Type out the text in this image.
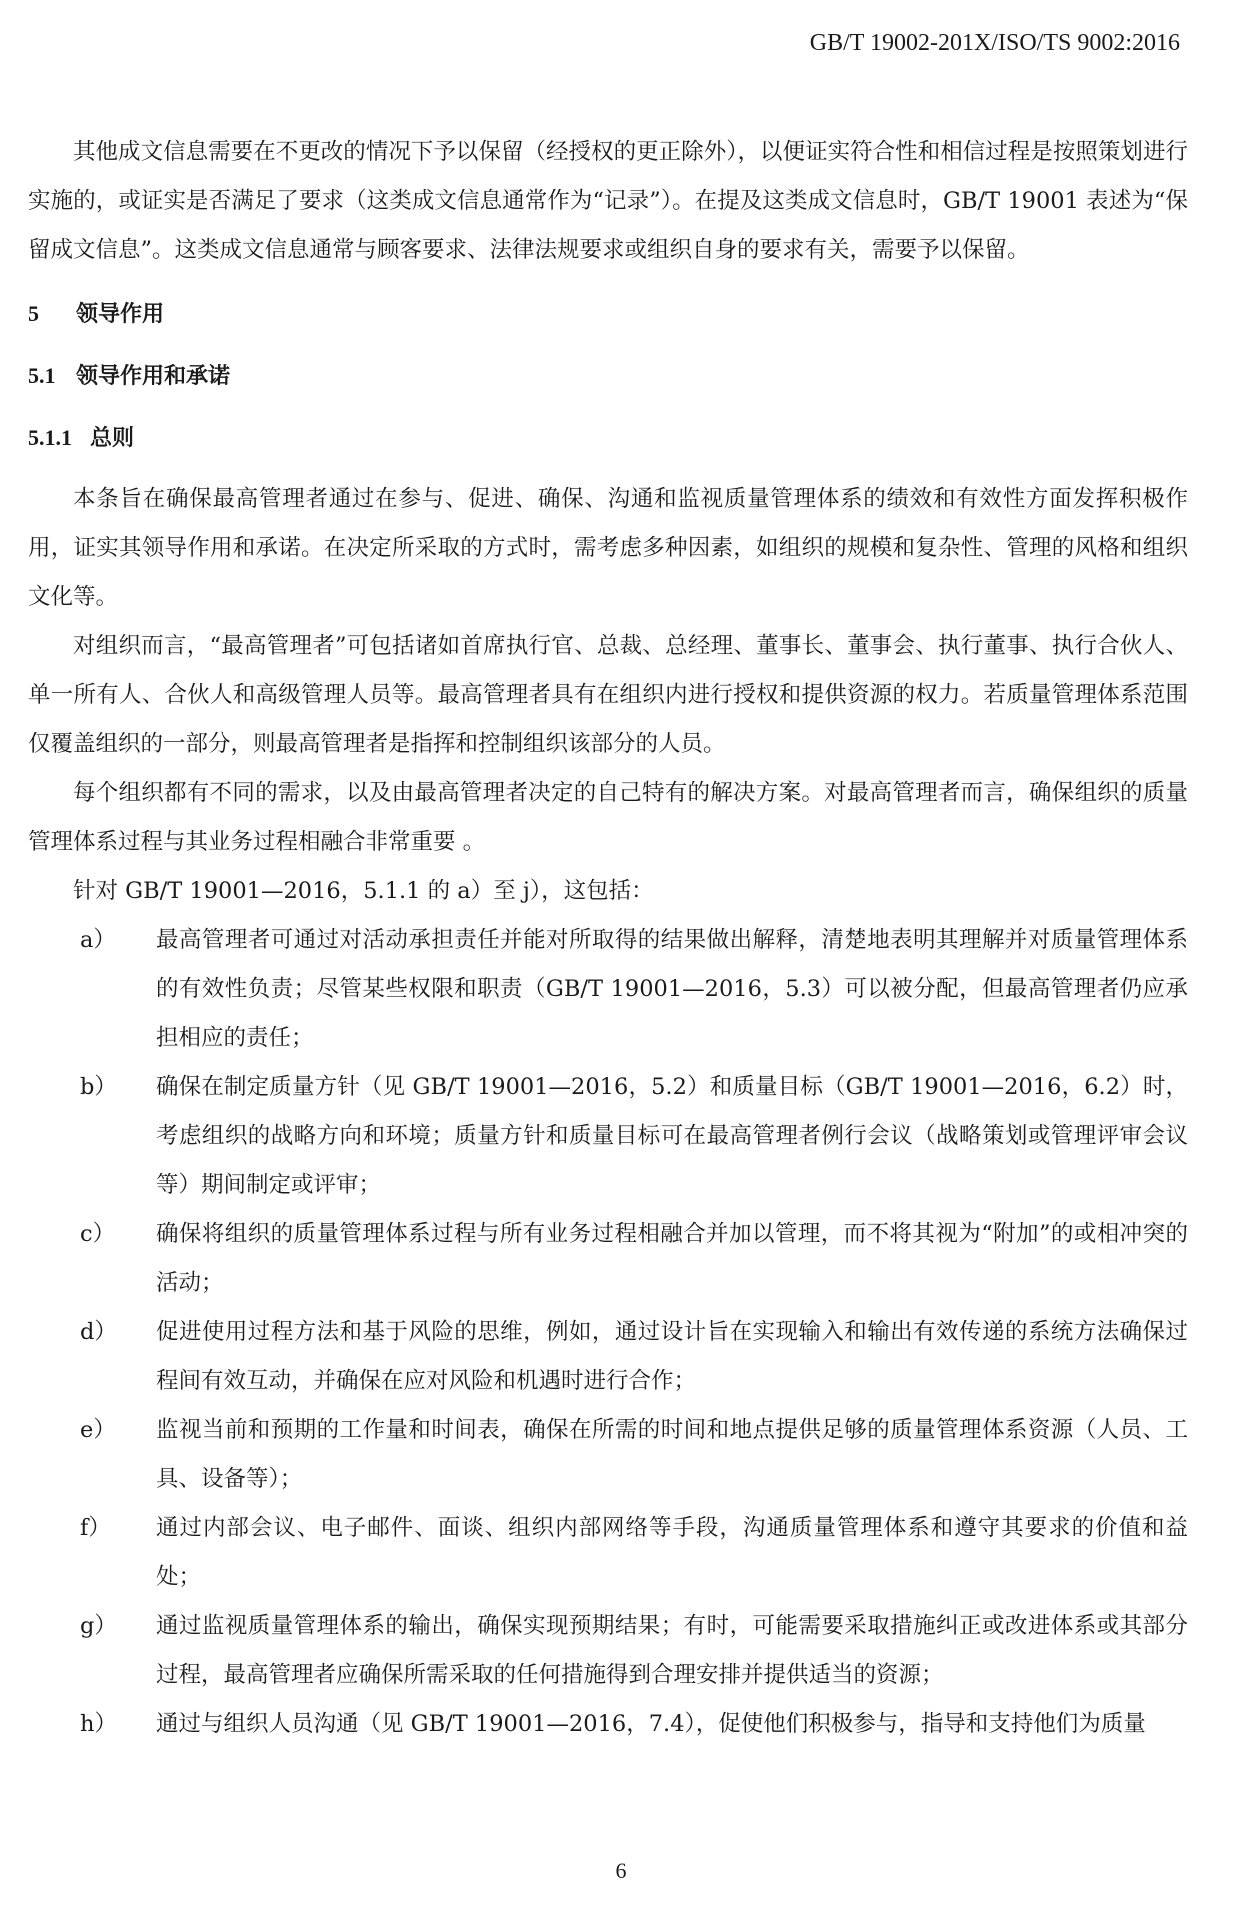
GB/T 19002-201X/ISO/TS 9002:2016

其他成文信息需要在不更改的情况下予以保留（经授权的更正除外），以便证实符合性和相信过程是按照策划进行实施的，或证实是否满足了要求（这类成文信息通常作为“记录”）。在提及这类成文信息时，GB/T 19001 表述为“保留成文信息”。这类成文信息通常与顾客要求、法律法规要求或组织自身的要求有关，需要予以保留。

5 领导作用

5.1 领导作用和承诺

5.1.1 总则

本条旨在确保最高管理者通过在参与、促进、确保、沟通和监视质量管理体系的绩效和有效性方面发挥积极作用，证实其领导作用和承诺。在决定所采取的方式时，需考虑多种因素，如组织的规模和复杂性、管理的风格和组织文化等。

对组织而言，“最高管理者”可包括诸如首席执行官、总裁、总经理、董事长、董事会、执行董事、执行合伙人、单一所有人、合伙人和高级管理人员等。最高管理者具有在组织内进行授权和提供资源的权力。若质量管理体系范围仅覆盖组织的一部分，则最高管理者是指挥和控制组织该部分的人员。

每个组织都有不同的需求，以及由最高管理者决定的自己特有的解决方案。对最高管理者而言，确保组织的质量管理体系过程与其业务过程相融合非常重要 。

针对 GB/T 19001—2016，5.1.1 的 a）至 j），这包括：

a）	最高管理者可通过对活动承担责任并能对所取得的结果做出解释，清楚地表明其理解并对质量管理体系的有效性负责；尽管某些权限和职责（GB/T 19001—2016，5.3）可以被分配，但最高管理者仍应承担相应的责任；
b）	确保在制定质量方针（见 GB/T 19001—2016，5.2）和质量目标（GB/T 19001—2016，6.2）时，考虑组织的战略方向和环境；质量方针和质量目标可在最高管理者例行会议（战略策划或管理评审会议等）期间制定或评审；
c）	确保将组织的质量管理体系过程与所有业务过程相融合并加以管理，而不将其视为“附加”的或相冲突的活动；
d）	促进使用过程方法和基于风险的思维，例如，通过设计旨在实现输入和输出有效传递的系统方法确保过程间有效互动，并确保在应对风险和机遇时进行合作；
e）	监视当前和预期的工作量和时间表，确保在所需的时间和地点提供足够的质量管理体系资源（人员、工具、设备等）；
f）	通过内部会议、电子邮件、面谈、组织内部网络等手段，沟通质量管理体系和遵守其要求的价值和益处；
g）	通过监视质量管理体系的输出，确保实现预期结果；有时，可能需要采取措施纠正或改进体系或其部分过程，最高管理者应确保所需采取的任何措施得到合理安排并提供适当的资源；
h）	通过与组织人员沟通（见 GB/T 19001—2016，7.4），促使他们积极参与，指导和支持他们为质量
6
